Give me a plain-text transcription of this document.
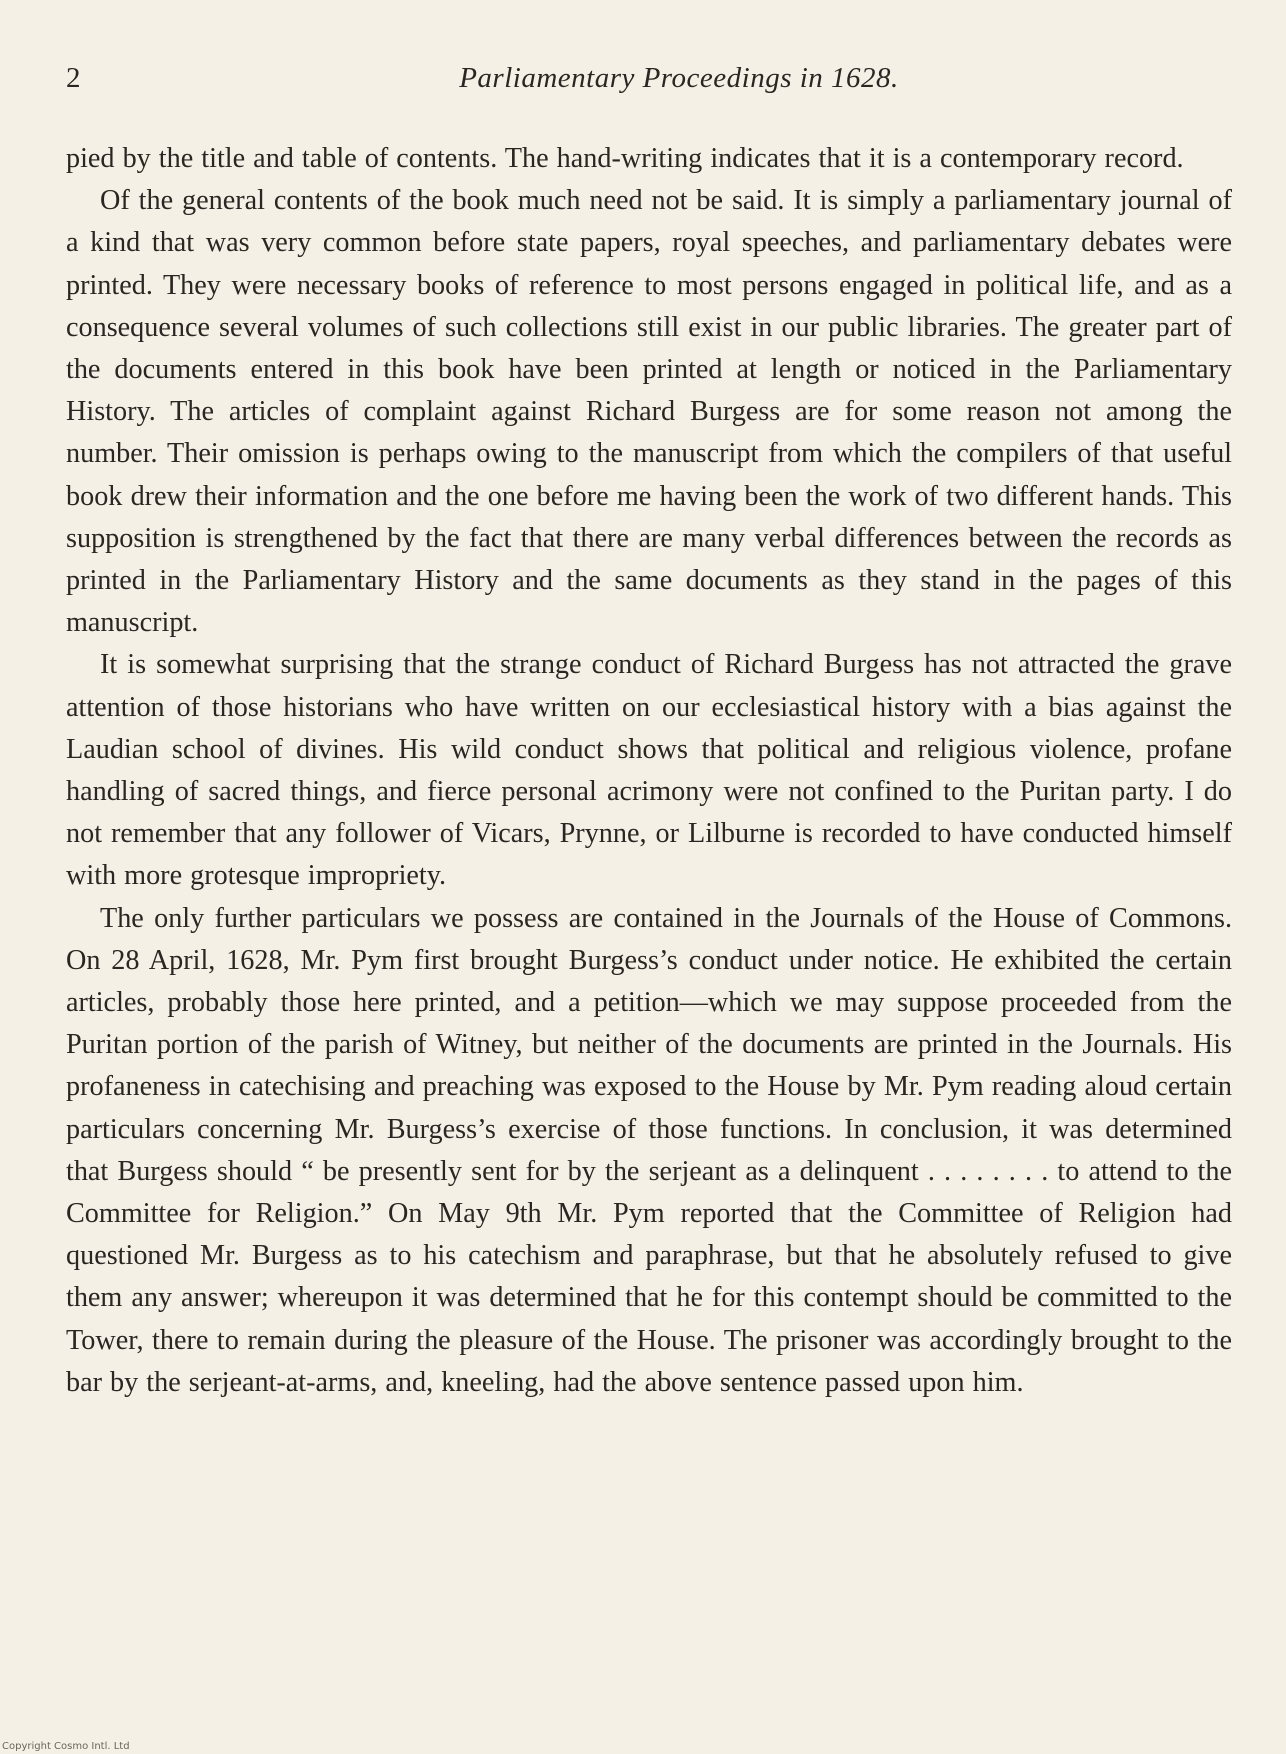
2	Parliamentary Proceedings in 1628.

pied by the title and table of contents. The hand-writing indicates that it is a contemporary record.

Of the general contents of the book much need not be said. It is simply a parliamentary journal of a kind that was very common before state papers, royal speeches, and parliamentary debates were printed. They were necessary books of reference to most persons engaged in political life, and as a consequence several volumes of such collections still exist in our public libraries. The greater part of the documents entered in this book have been printed at length or noticed in the Parliamentary History. The articles of complaint against Richard Burgess are for some reason not among the number. Their omission is perhaps owing to the manuscript from which the compilers of that useful book drew their information and the one before me having been the work of two different hands. This supposition is strengthened by the fact that there are many verbal differences between the records as printed in the Parliamentary History and the same documents as they stand in the pages of this manuscript.

It is somewhat surprising that the strange conduct of Richard Burgess has not attracted the grave attention of those historians who have written on our ecclesiastical history with a bias against the Laudian school of divines. His wild conduct shows that political and religious violence, profane handling of sacred things, and fierce personal acrimony were not confined to the Puritan party. I do not remember that any follower of Vicars, Prynne, or Lilburne is recorded to have conducted himself with more grotesque impropriety.

The only further particulars we possess are contained in the Journals of the House of Commons. On 28 April, 1628, Mr. Pym first brought Burgess’s conduct under notice. He exhibited the certain articles, probably those here printed, and a petition—which we may suppose proceeded from the Puritan portion of the parish of Witney, but neither of the documents are printed in the Journals. His profaneness in catechising and preaching was exposed to the House by Mr. Pym reading aloud certain particulars concerning Mr. Burgess’s exercise of those functions. In conclusion, it was determined that Burgess should “ be presently sent for by the serjeant as a delinquent . . . . . . . . to attend to the Committee for Religion.” On May 9th Mr. Pym reported that the Committee of Religion had questioned Mr. Burgess as to his catechism and paraphrase, but that he absolutely refused to give them any answer; whereupon it was determined that he for this contempt should be committed to the Tower, there to remain during the pleasure of the House. The prisoner was accordingly brought to the bar by the serjeant-at-arms, and, kneeling, had the above sentence passed upon him.

Copyright Cosmo Intl. Ltd
